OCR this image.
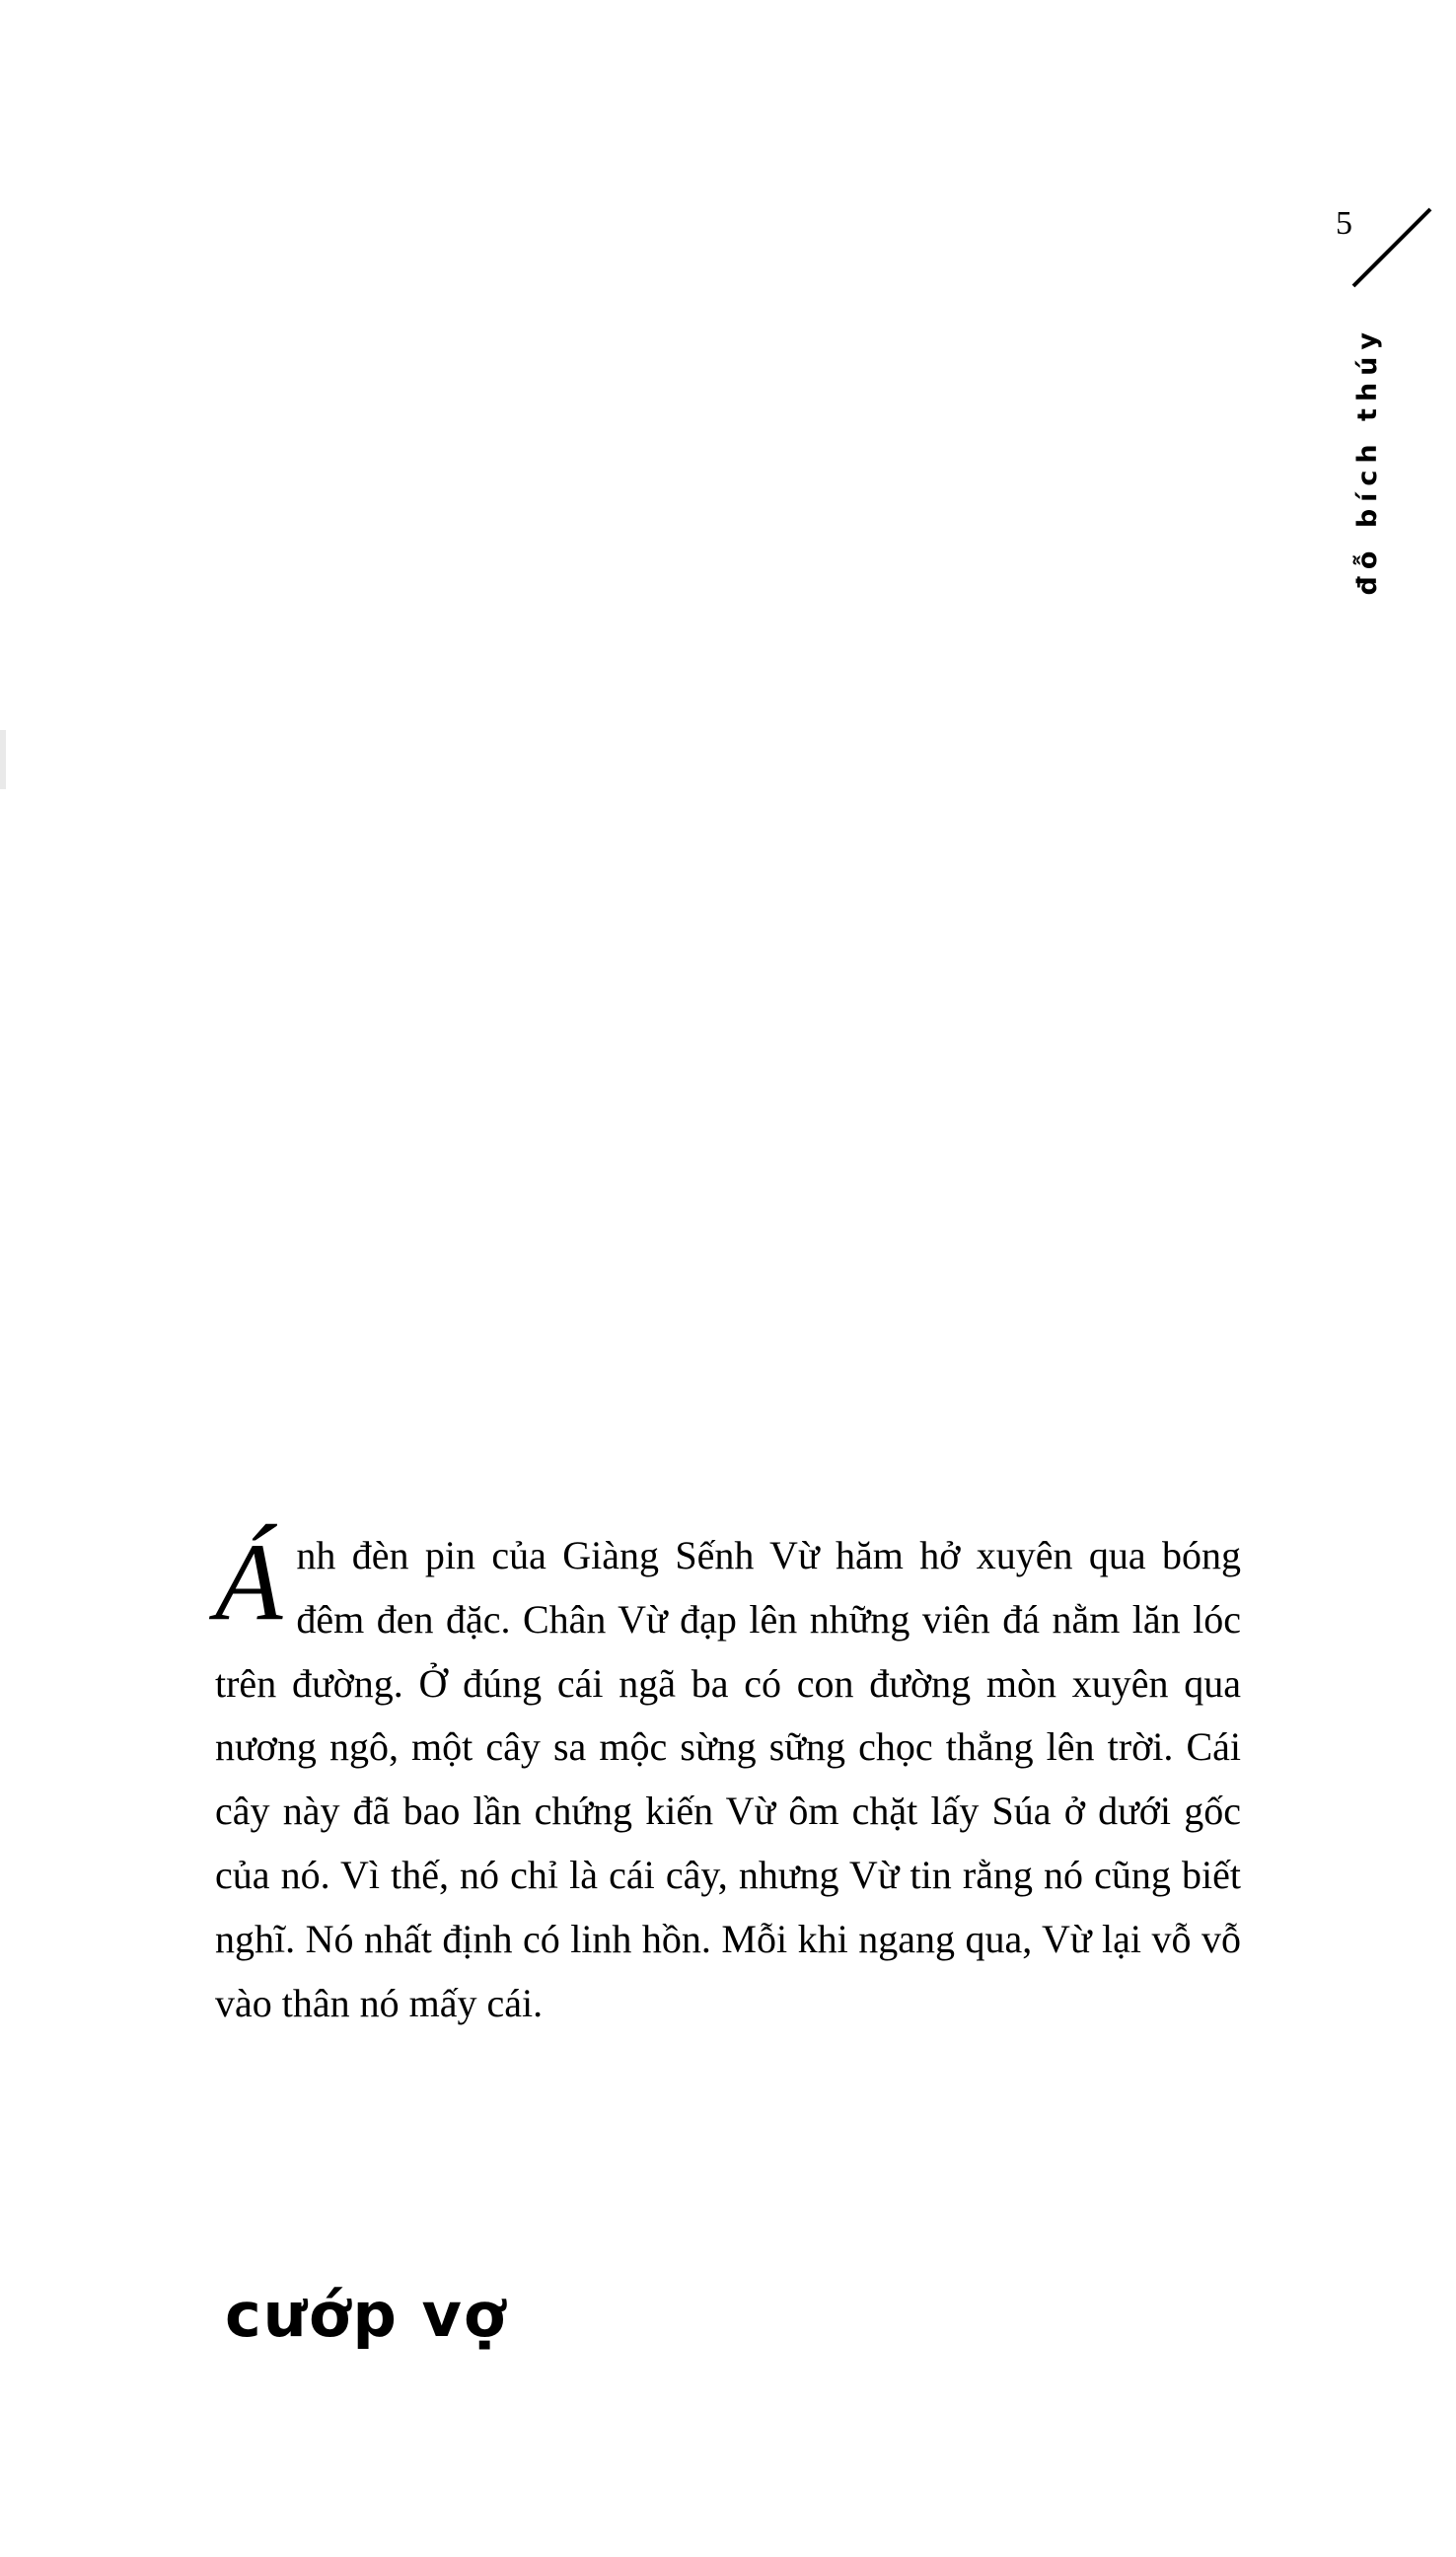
5
đỗ bích thúy

Ánh đèn pin của Giàng Sếnh Vừ hăm hở xuyên qua bóng đêm đen đặc. Chân Vừ đạp lên những viên đá nằm lăn lóc trên đường. Ở đúng cái ngã ba có con đường mòn xuyên qua nương ngô, một cây sa mộc sừng sững chọc thẳng lên trời. Cái cây này đã bao lần chứng kiến Vừ ôm chặt lấy Súa ở dưới gốc của nó. Vì thế, nó chỉ là cái cây, nhưng Vừ tin rằng nó cũng biết nghĩ. Nó nhất định có linh hồn. Mỗi khi ngang qua, Vừ lại vỗ vỗ vào thân nó mấy cái.

cướp vợ
